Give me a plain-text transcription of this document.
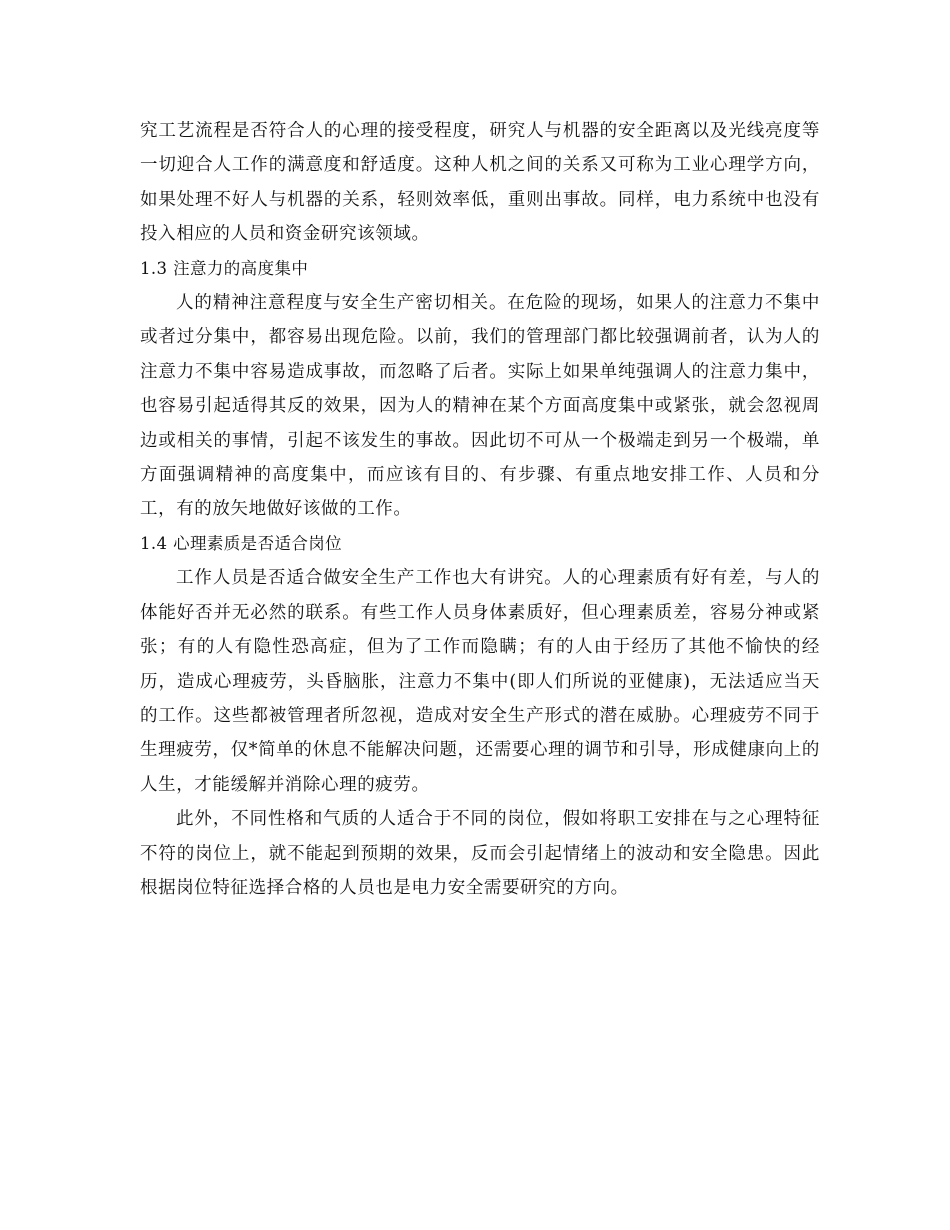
究工艺流程是否符合人的心理的接受程度，研究人与机器的安全距离以及光线亮度等一切迎合人工作的满意度和舒适度。这种人机之间的关系又可称为工业心理学方向，如果处理不好人与机器的关系，轻则效率低，重则出事故。同样，电力系统中也没有投入相应的人员和资金研究该领域。

1.3 注意力的高度集中

人的精神注意程度与安全生产密切相关。在危险的现场，如果人的注意力不集中或者过分集中，都容易出现危险。以前，我们的管理部门都比较强调前者，认为人的注意力不集中容易造成事故，而忽略了后者。实际上如果单纯强调人的注意力集中，也容易引起适得其反的效果，因为人的精神在某个方面高度集中或紧张，就会忽视周边或相关的事情，引起不该发生的事故。因此切不可从一个极端走到另一个极端，单方面强调精神的高度集中，而应该有目的、有步骤、有重点地安排工作、人员和分工，有的放矢地做好该做的工作。

1.4 心理素质是否适合岗位

工作人员是否适合做安全生产工作也大有讲究。人的心理素质有好有差，与人的体能好否并无必然的联系。有些工作人员身体素质好，但心理素质差，容易分神或紧张；有的人有隐性恐高症，但为了工作而隐瞒；有的人由于经历了其他不愉快的经历，造成心理疲劳，头昏脑胀，注意力不集中(即人们所说的亚健康)，无法适应当天的工作。这些都被管理者所忽视，造成对安全生产形式的潜在威胁。心理疲劳不同于生理疲劳，仅*简单的休息不能解决问题，还需要心理的调节和引导，形成健康向上的人生，才能缓解并消除心理的疲劳。

此外，不同性格和气质的人适合于不同的岗位，假如将职工安排在与之心理特征不符的岗位上，就不能起到预期的效果，反而会引起情绪上的波动和安全隐患。因此根据岗位特征选择合格的人员也是电力安全需要研究的方向。
